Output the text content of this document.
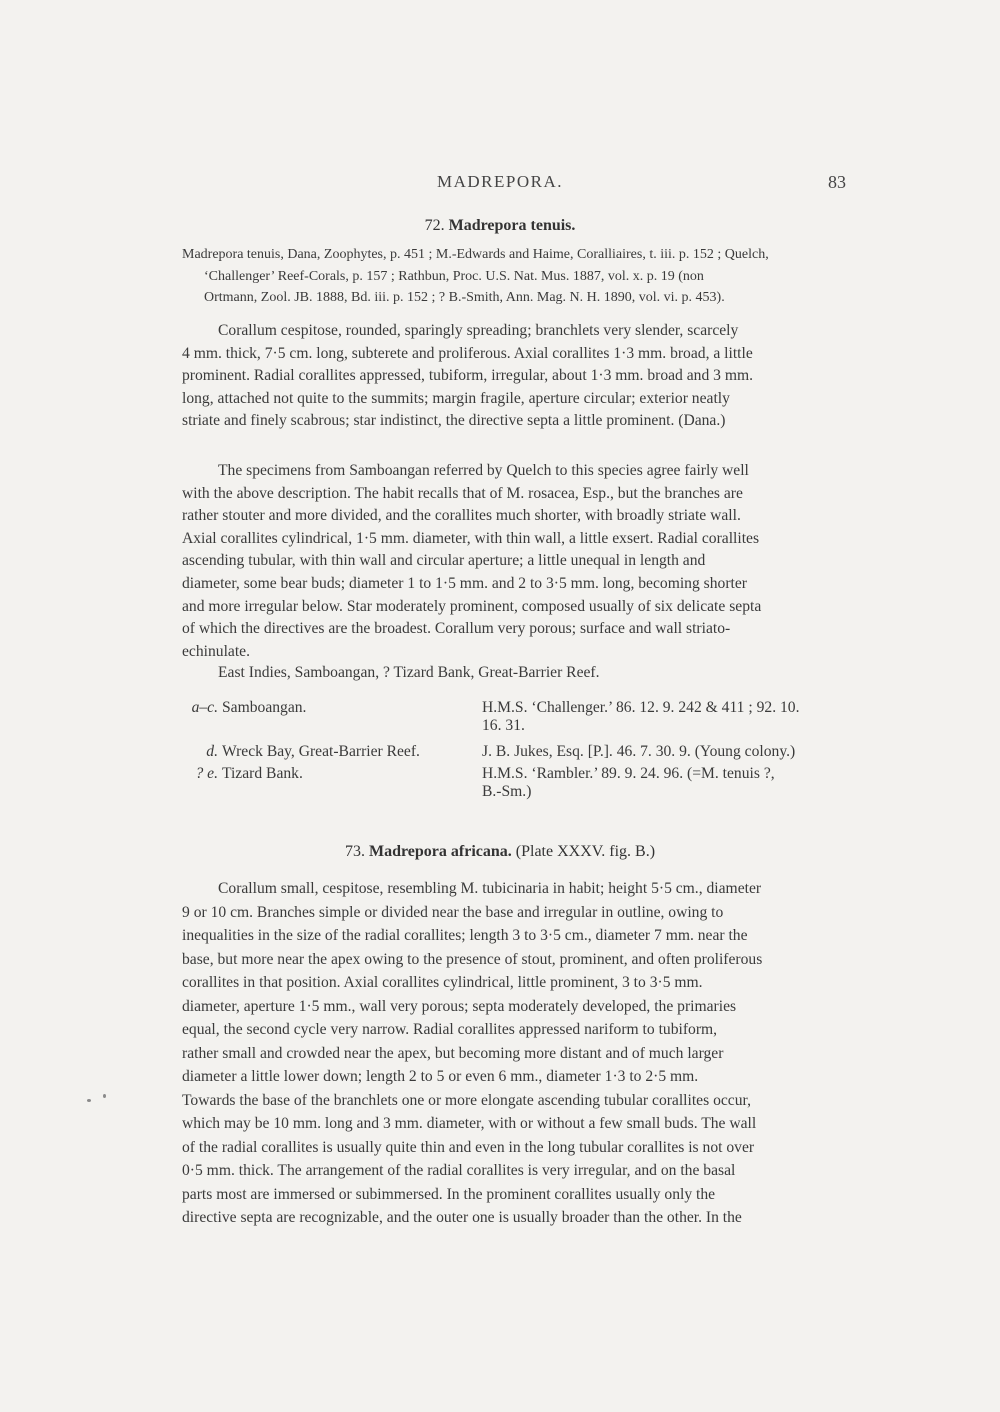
MADREPORA.	83
72. Madrepora tenuis.

Madrepora tenuis, Dana, Zoophytes, p. 451 ; M.-Edwards and Haime, Coralliaires, t. iii. p. 152 ; Quelch,

‘Challenger’ Reef-Corals, p. 157 ; Rathbun, Proc. U.S. Nat. Mus. 1887, vol. x. p. 19 (non

Ortmann, Zool. JB. 1888, Bd. iii. p. 152 ; ? B.-Smith, Ann. Mag. N. H. 1890, vol. vi. p. 453).

Corallum cespitose, rounded, sparingly spreading; branchlets very slender, scarcely

4 mm. thick, 7·5 cm. long, subterete and proliferous. Axial corallites 1·3 mm. broad, a little
prominent. Radial corallites appressed, tubiform, irregular, about 1·3 mm. broad and 3 mm.
long, attached not quite to the summits; margin fragile, aperture circular; exterior neatly
striate and finely scabrous; star indistinct, the directive septa a little prominent. (Dana.)

The specimens from Samboangan referred by Quelch to this species agree fairly well

with the above description. The habit recalls that of M. rosacea, Esp., but the branches are
rather stouter and more divided, and the corallites much shorter, with broadly striate wall.
Axial corallites cylindrical, 1·5 mm. diameter, with thin wall, a little exsert. Radial corallites
ascending tubular, with thin wall and circular aperture; a little unequal in length and
diameter, some bear buds; diameter 1 to 1·5 mm. and 2 to 3·5 mm. long, becoming shorter
and more irregular below. Star moderately prominent, composed usually of six delicate septa
of which the directives are the broadest. Corallum very porous; surface and wall striato-
echinulate.
East Indies, Samboangan, ? Tizard Bank, Great-Barrier Reef.
a–c. Samboangan.	H.M.S. ‘Challenger.’ 86. 12. 9. 242 & 411 ; 92. 10.
16. 31.
d. Wreck Bay, Great-Barrier Reef.	J. B. Jukes, Esq. [P.]. 46. 7. 30. 9. (Young colony.)
? e. Tizard Bank.	H.M.S. ‘Rambler.’ 89. 9. 24. 96. (=M. tenuis ?,
B.-Sm.)
73. Madrepora africana. (Plate XXXV. fig. B.)

Corallum small, cespitose, resembling M. tubicinaria in habit; height 5·5 cm., diameter

9 or 10 cm. Branches simple or divided near the base and irregular in outline, owing to
inequalities in the size of the radial corallites; length 3 to 3·5 cm., diameter 7 mm. near the
base, but more near the apex owing to the presence of stout, prominent, and often proliferous
corallites in that position. Axial corallites cylindrical, little prominent, 3 to 3·5 mm.
diameter, aperture 1·5 mm., wall very porous; septa moderately developed, the primaries
equal, the second cycle very narrow. Radial corallites appressed nariform to tubiform,
rather small and crowded near the apex, but becoming more distant and of much larger
diameter a little lower down; length 2 to 5 or even 6 mm., diameter 1·3 to 2·5 mm.
Towards the base of the branchlets one or more elongate ascending tubular corallites occur,
which may be 10 mm. long and 3 mm. diameter, with or without a few small buds. The wall
of the radial corallites is usually quite thin and even in the long tubular corallites is not over
0·5 mm. thick. The arrangement of the radial corallites is very irregular, and on the basal
parts most are immersed or subimmersed. In the prominent corallites usually only the
directive septa are recognizable, and the outer one is usually broader than the other. In the
